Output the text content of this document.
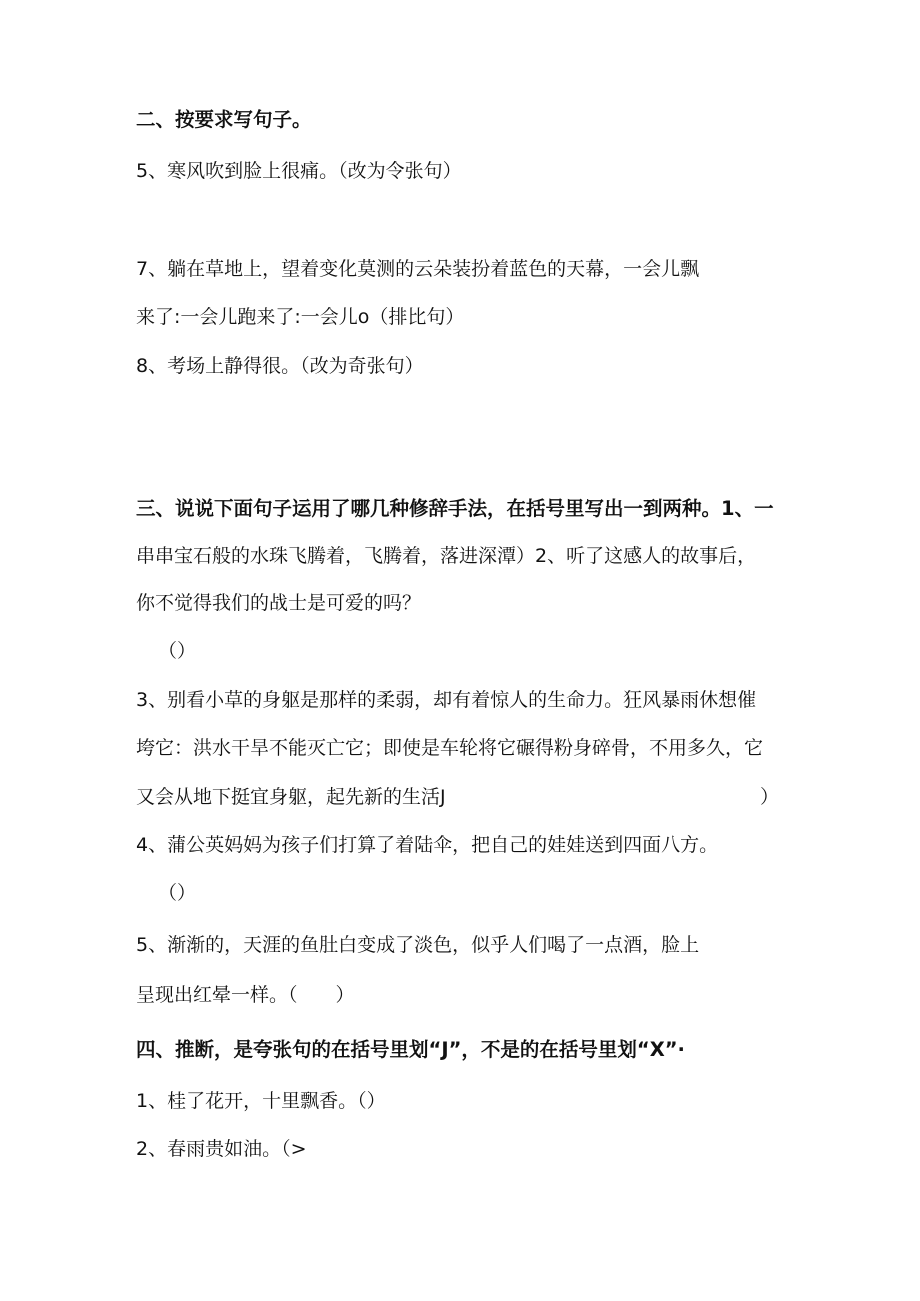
二、按要求写句子。
5、寒风吹到脸上很痛。（改为令张句）
7、躺在草地上，望着变化莫测的云朵装扮着蓝色的天幕，一会儿飘
来了:一会儿跑来了:一会儿o（排比句）
8、考场上静得很。（改为奇张句）
三、说说下面句子运用了哪几种修辞手法，在括号里写出一到两种。1、一
串串宝石般的水珠飞腾着，飞腾着，落进深潭）2、听了这感人的故事后，
你不觉得我们的战士是可爱的吗？
（）
3、别看小草的身躯是那样的柔弱，却有着惊人的生命力。狂风暴雨休想催
垮它：洪水干旱不能灭亡它；即使是车轮将它碾得粉身碎骨，不用多久，它
又会从地下挺宜身躯，起先新的生活J	）
4、蒲公英妈妈为孩子们打算了着陆伞，把自己的娃娃送到四面八方。
（）
5、渐渐的，天涯的鱼肚白变成了淡色，似乎人们喝了一点酒，脸上
呈现出红晕一样。（　　）
四、推断，是夸张句的在括号里划“J”，不是的在括号里划“X”·
1、桂了花开，十里飘香。（）
2、春雨贵如油。（>
